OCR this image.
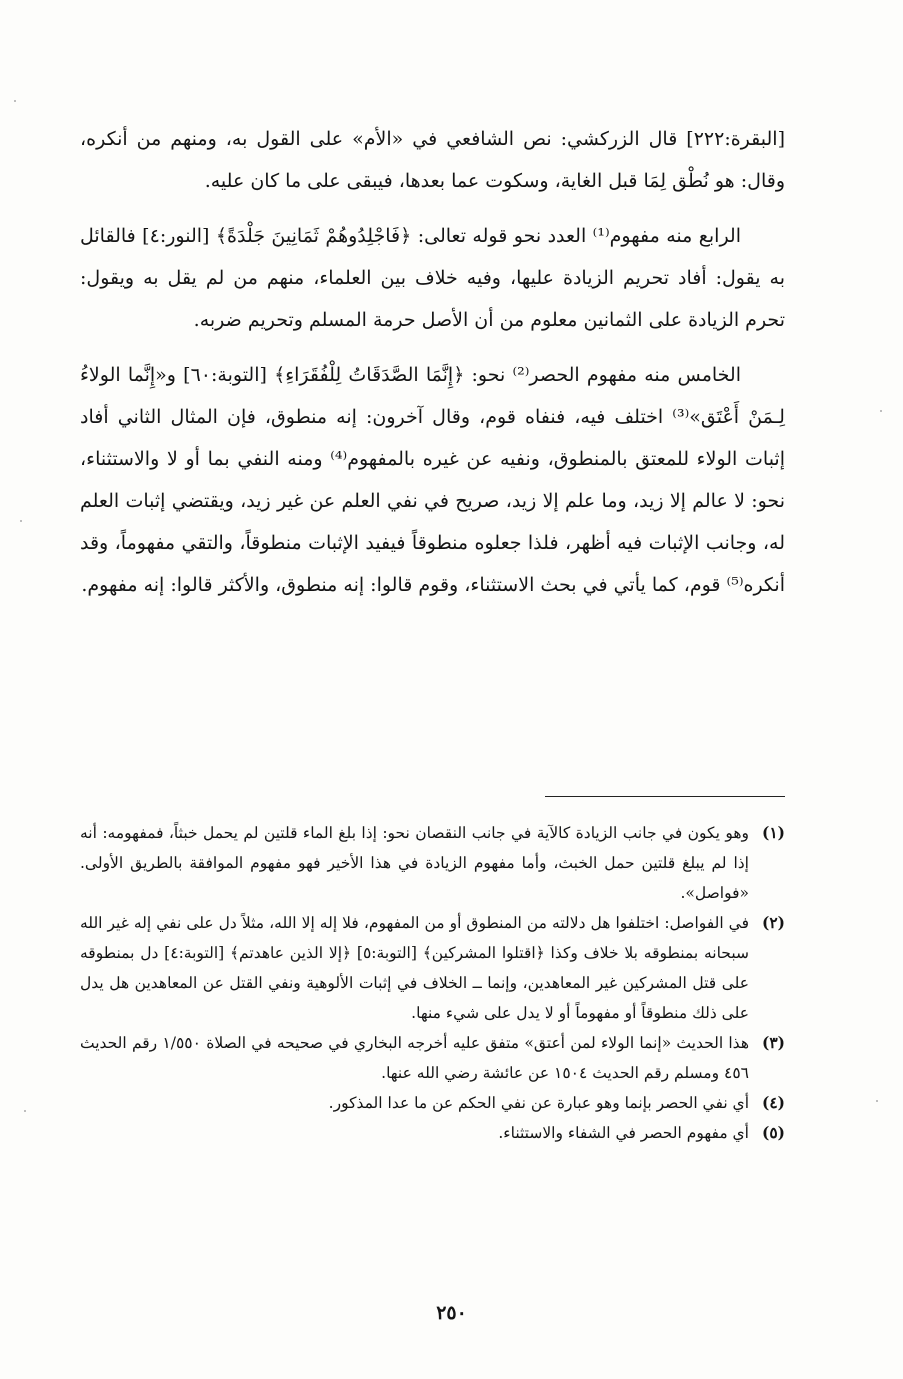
[البقرة:٢٢٢] قال الزركشي: نص الشافعي في «الأم» على القول به، ومنهم من أنكره، وقال: هو نُطْق لِمَا قبل الغاية، وسكوت عما بعدها، فيبقى على ما كان عليه.

الرابع منه مفهوم⁽¹⁾ العدد نحو قوله تعالى: ﴿فَاجْلِدُوهُمْ ثَمَانِينَ جَلْدَةً﴾ [النور:٤] فالقائل به يقول: أفاد تحريم الزيادة عليها، وفيه خلاف بين العلماء، منهم من لم يقل به ويقول: تحرم الزيادة على الثمانين معلوم من أن الأصل حرمة المسلم وتحريم ضربه.

الخامس منه مفهوم الحصر⁽²⁾ نحو: ﴿إِنَّمَا الصَّدَقَاتُ لِلْفُقَرَاءِ﴾ [التوبة:٦٠] و«إِنَّما الولاءُ لِـمَنْ أَعْتَق»⁽³⁾ اختلف فيه، فنفاه قوم، وقال آخرون: إنه منطوق، فإن المثال الثاني أفاد إثبات الولاء للمعتق بالمنطوق، ونفيه عن غيره بالمفهوم⁽⁴⁾ ومنه النفي بما أو لا والاستثناء، نحو: لا عالم إلا زيد، وما علم إلا زيد، صريح في نفي العلم عن غير زيد، ويقتضي إثبات العلم له، وجانب الإثبات فيه أظهر، فلذا جعلوه منطوقاً فيفيد الإثبات منطوقاً، والتقي مفهوماً، وقد أنكره⁽⁵⁾ قوم، كما يأتي في بحث الاستثناء، وقوم قالوا: إنه منطوق، والأكثر قالوا: إنه مفهوم.

(١)
وهو يكون في جانب الزيادة كالآية في جانب النقصان نحو: إذا بلغ الماء قلتين لم يحمل خبثاً، فمفهومه: أنه إذا لم يبلغ قلتين حمل الخبث، وأما مفهوم الزيادة في هذا الأخير فهو مفهوم الموافقة بالطريق الأولى. «فواصل».
(٢)
في الفواصل: اختلفوا هل دلالته من المنطوق أو من المفهوم، فلا إله إلا الله، مثلاً دل على نفي إله غير الله سبحانه بمنطوقه بلا خلاف وكذا ﴿اقتلوا المشركين﴾ [التوبة:٥] ﴿إلا الذين عاهدتم﴾ [التوبة:٤] دل بمنطوقه على قتل المشركين غير المعاهدين، وإنما ــ الخلاف في إثبات الألوهية ونفي القتل عن المعاهدين هل يدل على ذلك منطوقاً أو مفهوماً أو لا يدل على شيء منها.
(٣)
هذا الحديث «إنما الولاء لمن أعتق» متفق عليه أخرجه البخاري في صحيحه في الصلاة ١/٥٥٠ رقم الحديث ٤٥٦ ومسلم رقم الحديث ١٥٠٤ عن عائشة رضي الله عنها.
(٤)
أي نفي الحصر بإنما وهو عبارة عن نفي الحكم عن ما عدا المذكور.
(٥)
أي مفهوم الحصر في الشفاء والاستثناء.
٢٥٠
